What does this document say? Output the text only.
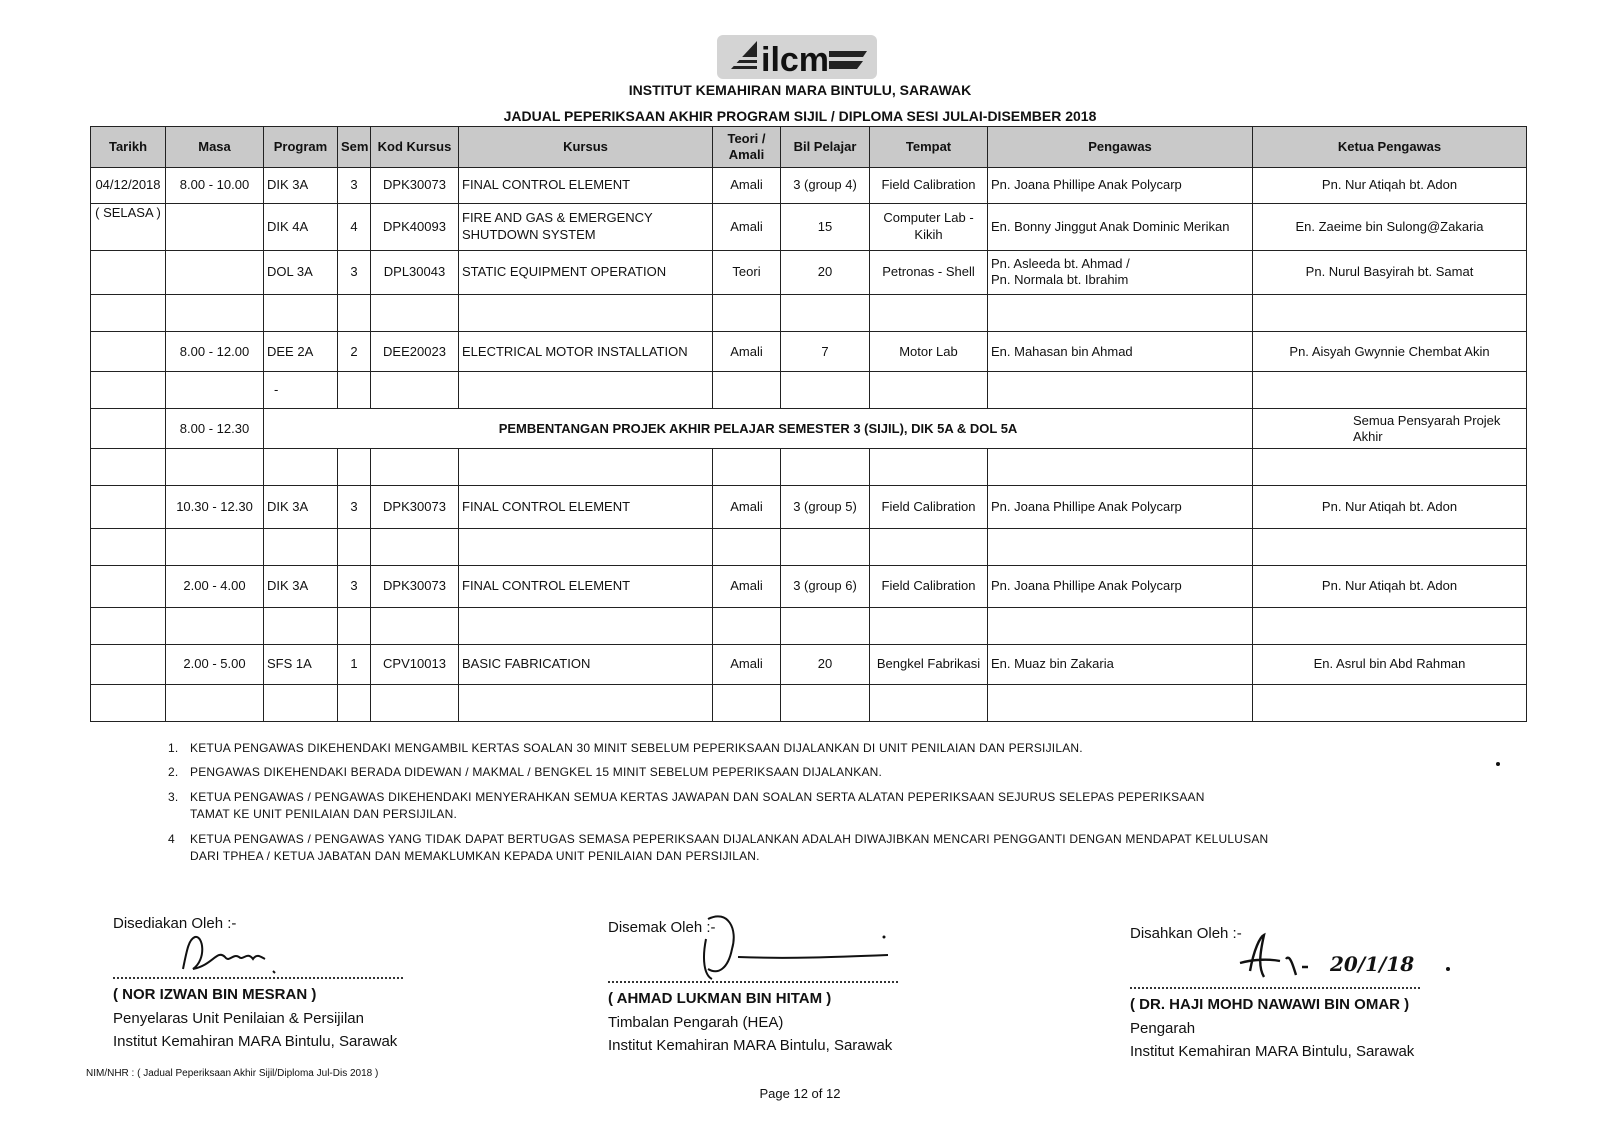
ilcm
INSTITUT KEMAHIRAN MARA BINTULU, SARAWAK
JADUAL PEPERIKSAAN AKHIR PROGRAM SIJIL / DIPLOMA SESI JULAI-DISEMBER 2018
Tarikh	Masa	Program	Sem	Kod Kursus	Kursus	Teori /
Amali	Bil Pelajar	Tempat	Pengawas	Ketua Pengawas
04/12/2018	8.00 - 10.00	DIK 3A	3	DPK30073	FINAL CONTROL ELEMENT	Amali	3 (group 4)	Field Calibration	Pn. Joana Phillipe Anak Polycarp	Pn. Nur Atiqah bt. Adon
( SELASA )		DIK 4A	4	DPK40093	FIRE AND GAS & EMERGENCY SHUTDOWN SYSTEM	Amali	15	Computer Lab - Kikih	En. Bonny Jinggut Anak Dominic Merikan	En. Zaeime bin Sulong@Zakaria
		DOL 3A	3	DPL30043	STATIC EQUIPMENT OPERATION	Teori	20	Petronas - Shell	Pn. Asleeda bt. Ahmad /
Pn. Normala bt. Ibrahim	Pn. Nurul Basyirah bt. Samat

	8.00 - 12.00	DEE 2A	2	DEE20023	ELECTRICAL MOTOR INSTALLATION	Amali	7	Motor Lab	En. Mahasan bin Ahmad	Pn. Aisyah Gwynnie Chembat Akin
		-								
	8.00 - 12.30	PEMBENTANGAN PROJEK AKHIR PELAJAR SEMESTER 3 (SIJIL), DIK 5A & DOL 5A								Semua Pensyarah Projek Akhir

	10.30 - 12.30	DIK 3A	3	DPK30073	FINAL CONTROL ELEMENT	Amali	3 (group 5)	Field Calibration	Pn. Joana Phillipe Anak Polycarp	Pn. Nur Atiqah bt. Adon

	2.00 - 4.00	DIK 3A	3	DPK30073	FINAL CONTROL ELEMENT	Amali	3 (group 6)	Field Calibration	Pn. Joana Phillipe Anak Polycarp	Pn. Nur Atiqah bt. Adon

	2.00 - 5.00	SFS 1A	1	CPV10013	BASIC FABRICATION	Amali	20	Bengkel Fabrikasi	En. Muaz bin Zakaria	En. Asrul bin Abd Rahman

1. KETUA PENGAWAS DIKEHENDAKI MENGAMBIL KERTAS SOALAN 30 MINIT SEBELUM PEPERIKSAAN DIJALANKAN DI UNIT PENILAIAN DAN PERSIJILAN.
2. PENGAWAS DIKEHENDAKI BERADA DIDEWAN / MAKMAL / BENGKEL 15 MINIT SEBELUM PEPERIKSAAN DIJALANKAN.
3. KETUA PENGAWAS / PENGAWAS DIKEHENDAKI MENYERAHKAN SEMUA KERTAS JAWAPAN DAN SOALAN SERTA ALATAN PEPERIKSAAN SEJURUS SELEPAS PEPERIKSAAN TAMAT KE UNIT PENILAIAN DAN PERSIJILAN.
4 KETUA PENGAWAS / PENGAWAS YANG TIDAK DAPAT BERTUGAS SEMASA PEPERIKSAAN DIJALANKAN ADALAH DIWAJIBKAN MENCARI PENGGANTI DENGAN MENDAPAT KELULUSAN DARI TPHEA / KETUA JABATAN DAN MEMAKLUMKAN KEPADA UNIT PENILAIAN DAN PERSIJILAN.
Disediakan Oleh :-
( NOR IZWAN BIN MESRAN )
Penyelaras Unit Penilaian & Persijilan
Institut Kemahiran MARA Bintulu, Sarawak
Disemak Oleh :-
( AHMAD LUKMAN BIN HITAM )
Timbalan Pengarah (HEA)
Institut Kemahiran MARA Bintulu, Sarawak
Disahkan Oleh :-
20/1/18
( DR. HAJI MOHD NAWAWI BIN OMAR )
Pengarah
Institut Kemahiran MARA Bintulu, Sarawak
NIM/NHR : ( Jadual Peperiksaan Akhir Sijil/Diploma Jul-Dis 2018 )
Page 12 of 12
